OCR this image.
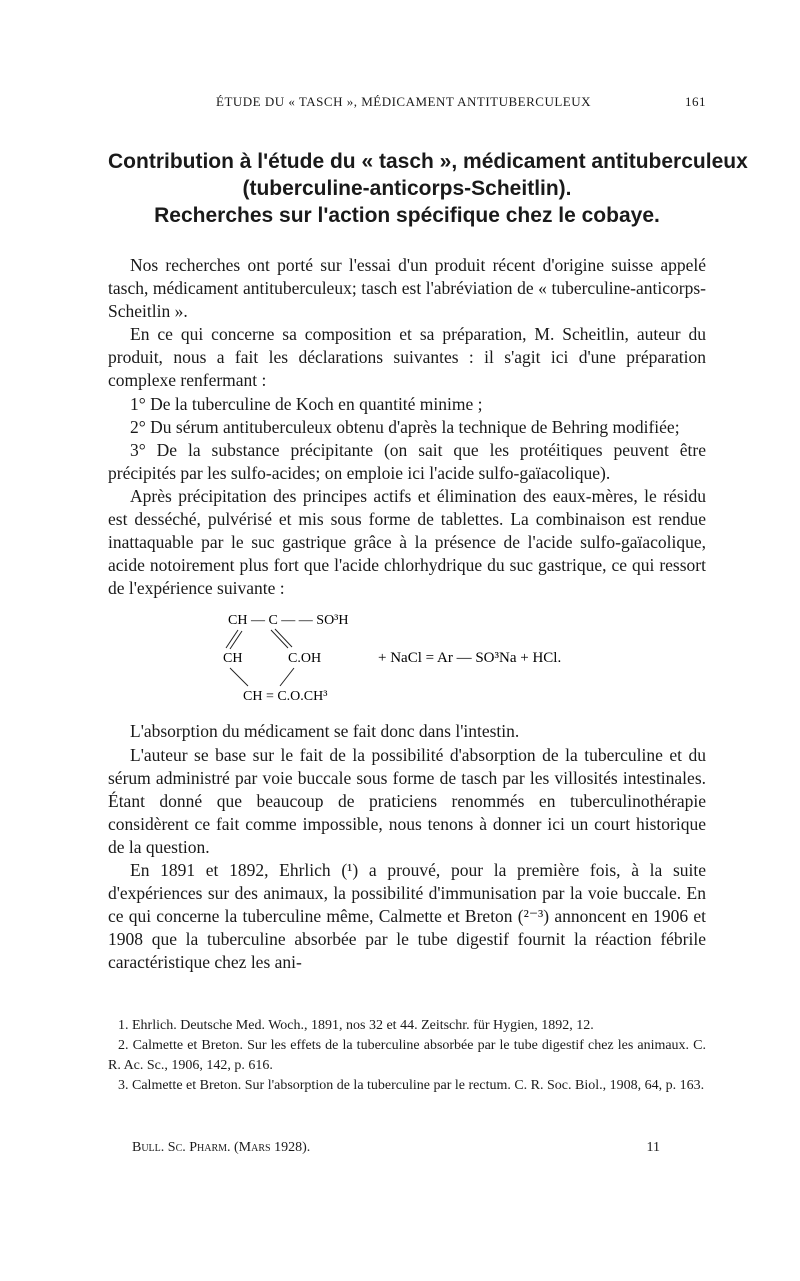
ÉTUDE DU « TASCH », MÉDICAMENT ANTITUBERCULEUX	161
Contribution à l'étude du « tasch », médicament antituberculeux
(tuberculine-anticorps-Scheitlin).
Recherches sur l'action spécifique chez le cobaye.

Nos recherches ont porté sur l'essai d'un produit récent d'origine suisse appelé tasch, médicament antituberculeux; tasch est l'abréviation de « tuberculine-anticorps-Scheitlin ».

En ce qui concerne sa composition et sa préparation, M. Scheitlin, auteur du produit, nous a fait les déclarations suivantes : il s'agit ici d'une préparation complexe renfermant :

1° De la tuberculine de Koch en quantité minime ;

2° Du sérum antituberculeux obtenu d'après la technique de Behring modifiée;

3° De la substance précipitante (on sait que les protéitiques peuvent être précipités par les sulfo-acides; on emploie ici l'acide sulfo-gaïacolique).

Après précipitation des principes actifs et élimination des eaux-mères, le résidu est desséché, pulvérisé et mis sous forme de tablettes. La combinaison est rendue inattaquable par le suc gastrique grâce à la présence de l'acide sulfo-gaïacolique, acide notoirement plus fort que l'acide chlorhydrique du suc gastrique, ce qui ressort de l'expérience suivante :

CH — C — — SO³H
CH	C.OH	+ NaCl = Ar — SO³Na + HCl.
CH = C.O.CH³

L'absorption du médicament se fait donc dans l'intestin.

L'auteur se base sur le fait de la possibilité d'absorption de la tuberculine et du sérum administré par voie buccale sous forme de tasch par les villosités intestinales. Étant donné que beaucoup de praticiens renommés en tuberculinothérapie considèrent ce fait comme impossible, nous tenons à donner ici un court historique de la question.

En 1891 et 1892, Ehrlich (¹) a prouvé, pour la première fois, à la suite d'expériences sur des animaux, la possibilité d'immunisation par la voie buccale. En ce qui concerne la tuberculine même, Calmette et Breton (²⁻³) annoncent en 1906 et 1908 que la tuberculine absorbée par le tube digestif fournit la réaction fébrile caractéristique chez les ani-

1. Ehrlich. Deutsche Med. Woch., 1891, nos 32 et 44. Zeitschr. für Hygien, 1892, 12.

2. Calmette et Breton. Sur les effets de la tuberculine absorbée par le tube digestif chez les animaux. C. R. Ac. Sc., 1906, 142, p. 616.

3. Calmette et Breton. Sur l'absorption de la tuberculine par le rectum. C. R. Soc. Biol., 1908, 64, p. 163.

Bull. Sc. Pharm. (Mars 1928).	11
